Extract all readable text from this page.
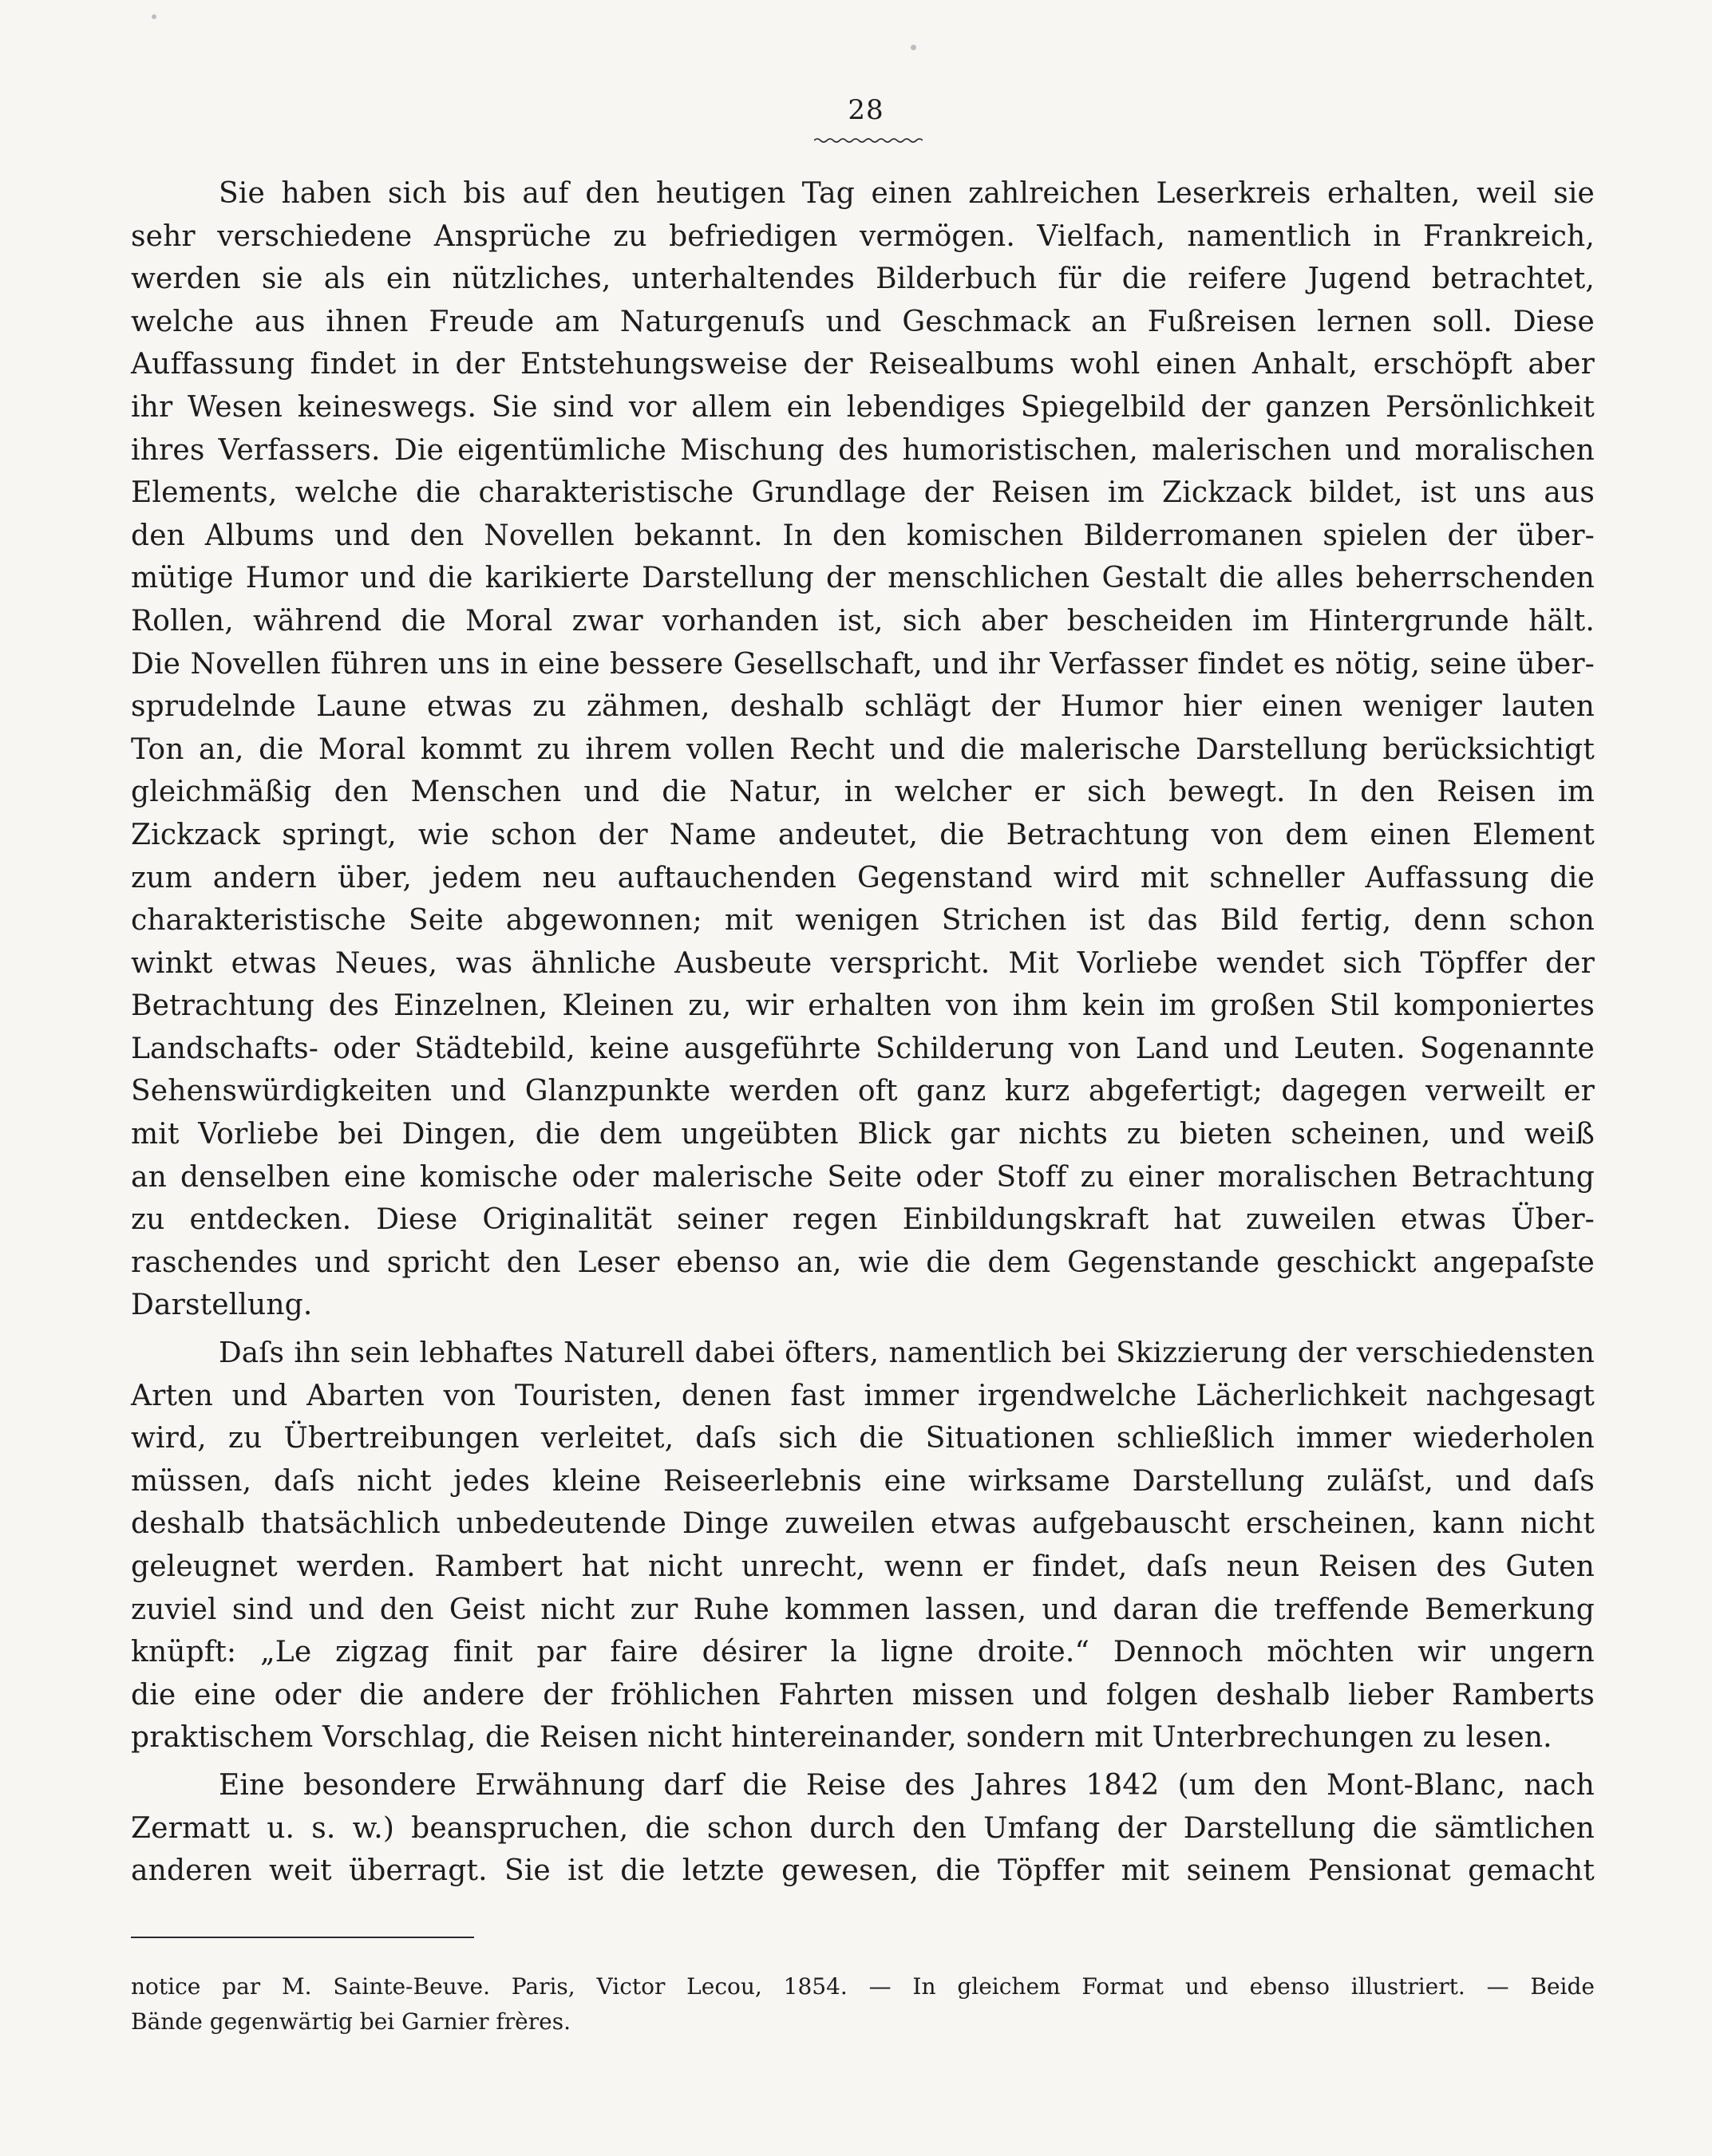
28
Sie haben sich bis auf den heutigen Tag einen zahlreichen Leserkreis erhalten, weil sie
sehr verschiedene Ansprüche zu befriedigen vermögen. Vielfach, namentlich in Frankreich,
werden sie als ein nützliches, unterhaltendes Bilderbuch für die reifere Jugend betrachtet,
welche aus ihnen Freude am Naturgenuſs und Geschmack an Fußreisen lernen soll. Diese
Auffassung findet in der Entstehungsweise der Reisealbums wohl einen Anhalt, erschöpft aber
ihr Wesen keineswegs. Sie sind vor allem ein lebendiges Spiegelbild der ganzen Persönlichkeit
ihres Verfassers. Die eigentümliche Mischung des humoristischen, malerischen und moralischen
Elements, welche die charakteristische Grundlage der Reisen im Zickzack bildet, ist uns aus
den Albums und den Novellen bekannt. In den komischen Bilderromanen spielen der über-
mütige Humor und die karikierte Darstellung der menschlichen Gestalt die alles beherrschenden
Rollen, während die Moral zwar vorhanden ist, sich aber bescheiden im Hintergrunde hält.
Die Novellen führen uns in eine bessere Gesellschaft, und ihr Verfasser findet es nötig, seine über-
sprudelnde Laune etwas zu zähmen, deshalb schlägt der Humor hier einen weniger lauten
Ton an, die Moral kommt zu ihrem vollen Recht und die malerische Darstellung berücksichtigt
gleichmäßig den Menschen und die Natur, in welcher er sich bewegt. In den Reisen im
Zickzack springt, wie schon der Name andeutet, die Betrachtung von dem einen Element
zum andern über, jedem neu auftauchenden Gegenstand wird mit schneller Auffassung die
charakteristische Seite abgewonnen; mit wenigen Strichen ist das Bild fertig, denn schon
winkt etwas Neues, was ähnliche Ausbeute verspricht. Mit Vorliebe wendet sich Töpffer der
Betrachtung des Einzelnen, Kleinen zu, wir erhalten von ihm kein im großen Stil komponiertes
Landschafts- oder Städtebild, keine ausgeführte Schilderung von Land und Leuten. Sogenannte
Sehenswürdigkeiten und Glanzpunkte werden oft ganz kurz abgefertigt; dagegen verweilt er
mit Vorliebe bei Dingen, die dem ungeübten Blick gar nichts zu bieten scheinen, und weiß
an denselben eine komische oder malerische Seite oder Stoff zu einer moralischen Betrachtung
zu entdecken. Diese Originalität seiner regen Einbildungskraft hat zuweilen etwas Über-
raschendes und spricht den Leser ebenso an, wie die dem Gegenstande geschickt angepaſste
Darstellung.
Daſs ihn sein lebhaftes Naturell dabei öfters, namentlich bei Skizzierung der verschiedensten
Arten und Abarten von Touristen, denen fast immer irgendwelche Lächerlichkeit nachgesagt
wird, zu Übertreibungen verleitet, daſs sich die Situationen schließlich immer wiederholen
müssen, daſs nicht jedes kleine Reiseerlebnis eine wirksame Darstellung zuläſst, und daſs
deshalb thatsächlich unbedeutende Dinge zuweilen etwas aufgebauscht erscheinen, kann nicht
geleugnet werden. Rambert hat nicht unrecht, wenn er findet, daſs neun Reisen des Guten
zuviel sind und den Geist nicht zur Ruhe kommen lassen, und daran die treffende Bemerkung
knüpft: „Le zigzag finit par faire désirer la ligne droite.“ Dennoch möchten wir ungern
die eine oder die andere der fröhlichen Fahrten missen und folgen deshalb lieber Ramberts
praktischem Vorschlag, die Reisen nicht hintereinander, sondern mit Unterbrechungen zu lesen.
Eine besondere Erwähnung darf die Reise des Jahres 1842 (um den Mont-Blanc, nach
Zermatt u. s. w.) beanspruchen, die schon durch den Umfang der Darstellung die sämtlichen
anderen weit überragt. Sie ist die letzte gewesen, die Töpffer mit seinem Pensionat gemacht
notice par M. Sainte-Beuve. Paris, Victor Lecou, 1854. — In gleichem Format und ebenso illustriert. — Beide
Bände gegenwärtig bei Garnier frères.
